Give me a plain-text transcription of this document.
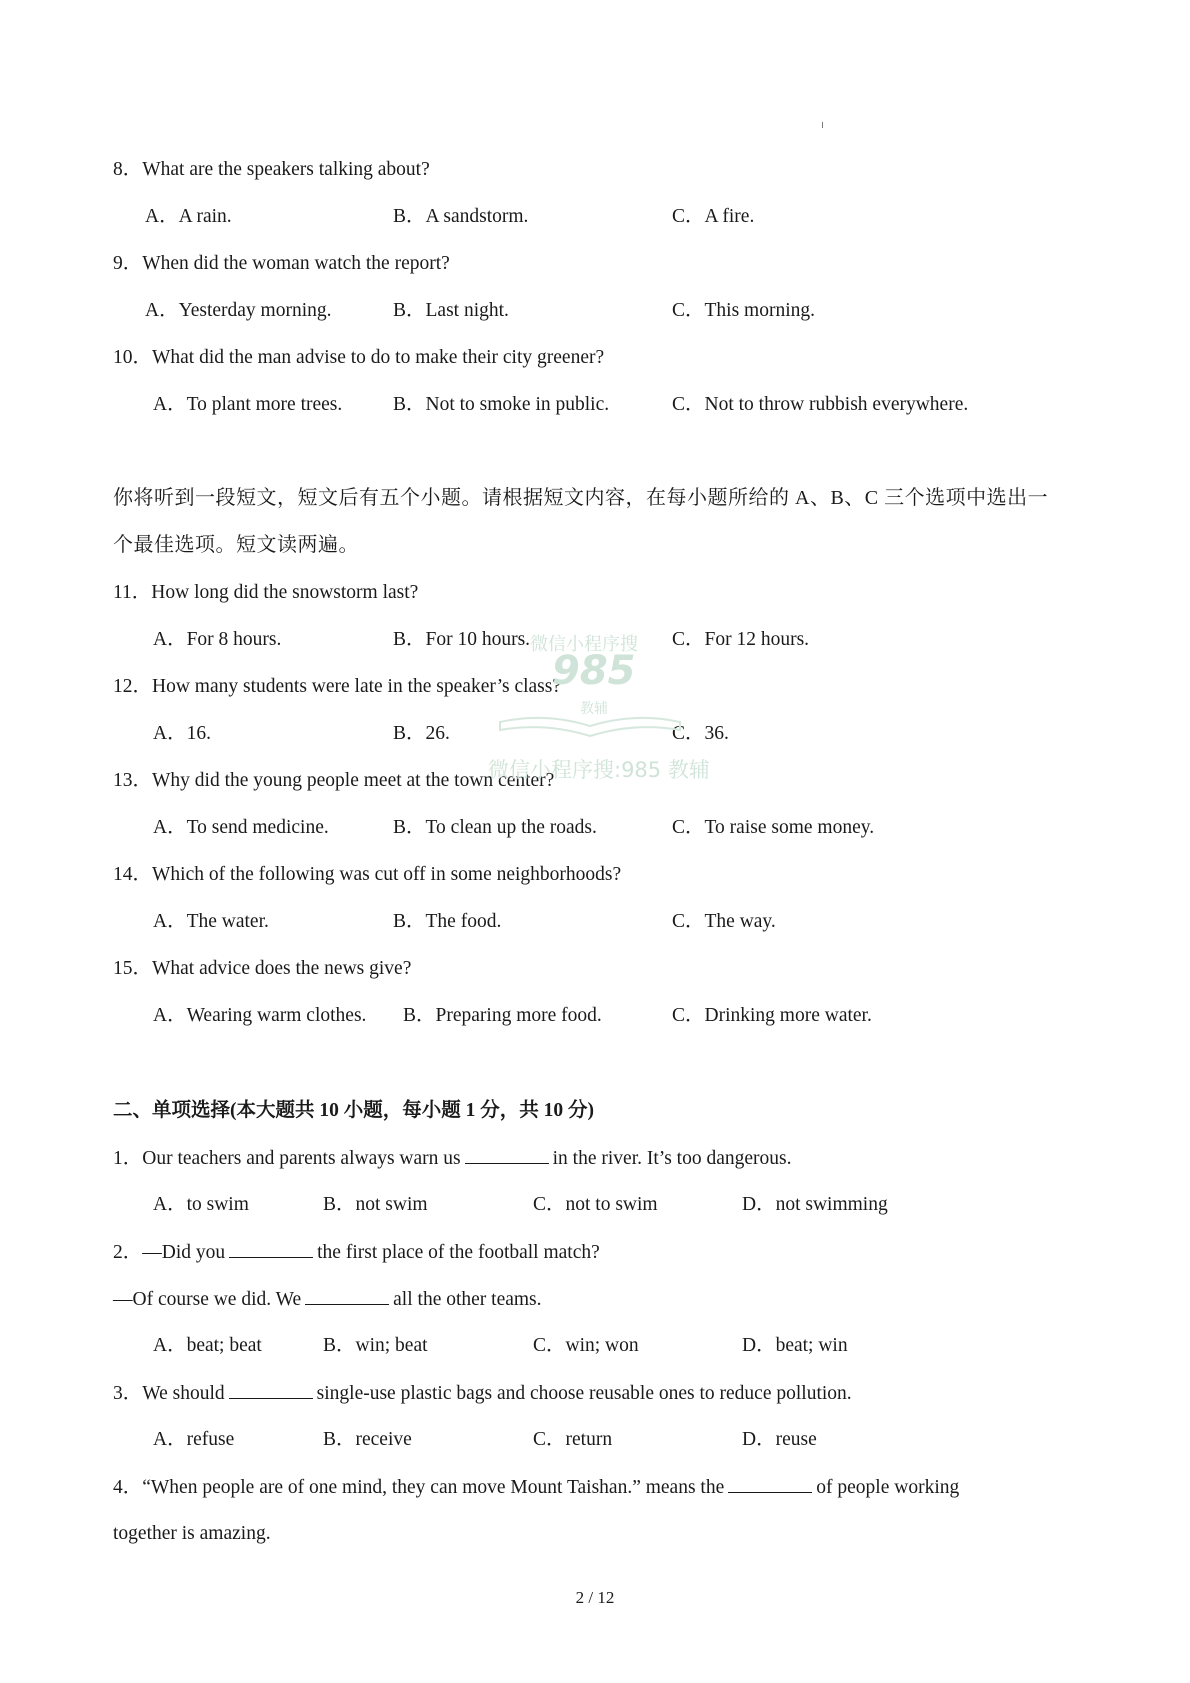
8．What are the speakers talking about?
A．A rain.	B．A sandstorm.	C．A fire.
9．When did the woman watch the report?
A．Yesterday morning.	B．Last night.	C．This morning.
10．What did the man advise to do to make their city greener?
A．To plant more trees.	B．Not to smoke in public.	C．Not to throw rubbish everywhere.
你将听到一段短文，短文后有五个小题。请根据短文内容，在每小题所给的 A、B、C 三个选项中选出一
个最佳选项。短文读两遍。
11．How long did the snowstorm last?
A．For 8 hours.	B．For 10 hours.	C．For 12 hours.
12．How many students were late in the speaker’s class?
A．16.	B．26.	C．36.
13．Why did the young people meet at the town center?
A．To send medicine.	B．To clean up the roads.	C．To raise some money.
14．Which of the following was cut off in some neighborhoods?
A．The water.	B．The food.	C．The way.
15．What advice does the news give?
A．Wearing warm clothes. B．Preparing more food.	C．Drinking more water.
二、单项选择(本大题共 10 小题，每小题 1 分，共 10 分)
1．Our teachers and parents always warn us	in the river. It’s too dangerous.
A．to swim	B．not swim	C．not to swim	D．not swimming
2．—Did you	the first place of the football match?
—Of course we did. We	all the other teams.
A．beat; beat	B．win; beat	C．win; won	D．beat; win
3．We should	single-use plastic bags and choose reusable ones to reduce pollution.
A．refuse	B．receive	C．return	D．reuse
4．“When people are of one mind, they can move Mount Taishan.” means the	of people working
together is amazing.
微信小程序搜
985
教辅
微信小程序搜:985 教辅
2 / 12
